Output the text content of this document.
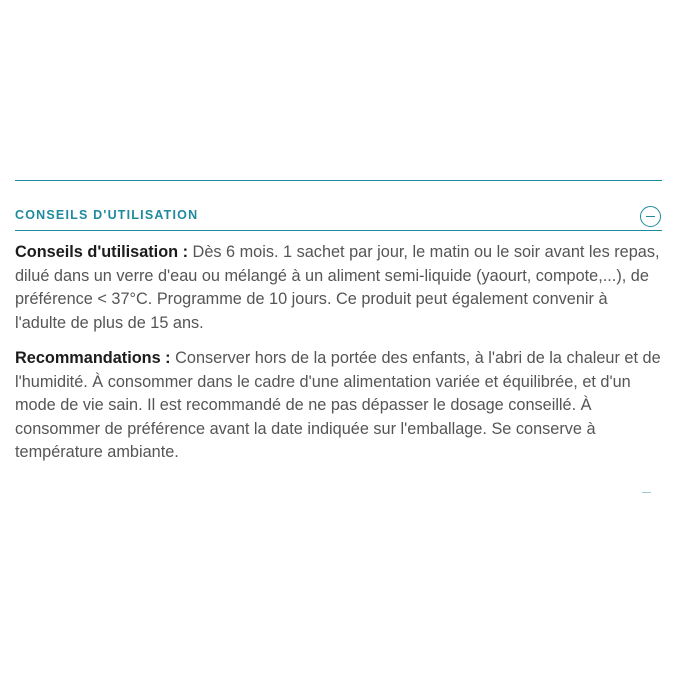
CONSEILS D'UTILISATION

Conseils d'utilisation : Dès 6 mois. 1 sachet par jour, le matin ou le soir avant les repas, dilué dans un verre d'eau ou mélangé à un aliment semi-liquide (yaourt, compote,...), de préférence < 37°C. Programme de 10 jours. Ce produit peut également convenir à l'adulte de plus de 15 ans.

Recommandations : Conserver hors de la portée des enfants, à l'abri de la chaleur et de l'humidité. À consommer dans le cadre d'une alimentation variée et équilibrée, et d'un mode de vie sain. Il est recommandé de ne pas dépasser le dosage conseillé. À consommer de préférence avant la date indiquée sur l'emballage. Se conserve à température ambiante.
